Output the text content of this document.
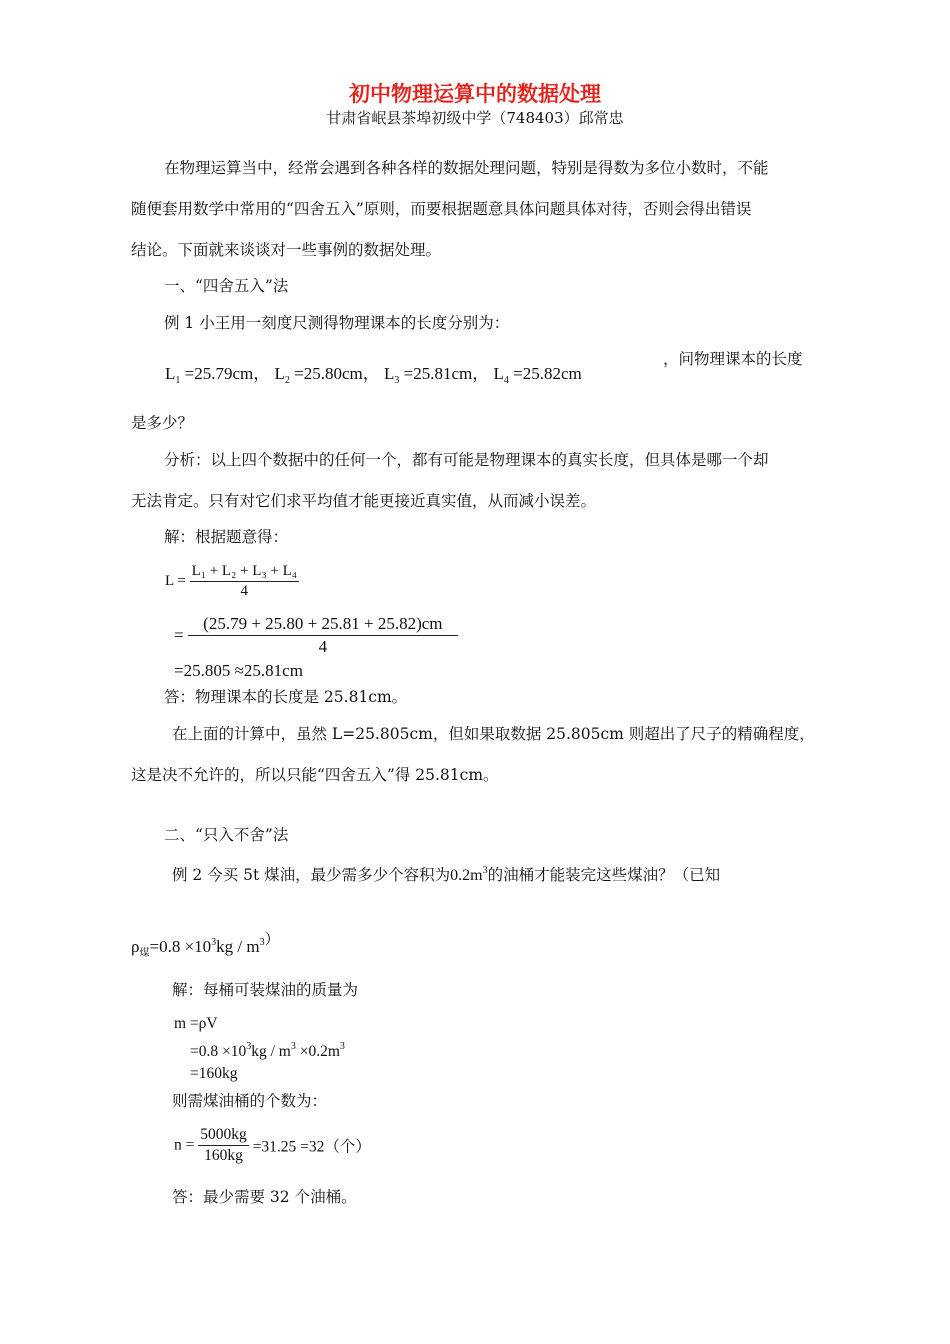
初中物理运算中的数据处理
甘肃省岷县茶埠初级中学（748403）邱常忠
在物理运算当中，经常会遇到各种各样的数据处理问题，特别是得数为多位小数时，不能
随便套用数学中常用的“四舍五入”原则，而要根据题意具体问题具体对待，否则会得出错误
结论。下面就来谈谈对一些事例的数据处理。
一、“四舍五入”法
例 1 小王用一刻度尺测得物理课本的长度分别为：
$L_1 =25.79cm$， $L_2 =25.80cm$， $L_3 =25.81cm$， $L_4 =25.82cm$
，问物理课本的长度
是多少？
分析：以上四个数据中的任何一个，都有可能是物理课本的真实长度，但具体是哪一个却
无法肯定。只有对它们求平均值才能更接近真实值，从而减小误差。
解：根据题意得：
$L = \frac{\text{L₁ + L₂ + L₃ + L₄}}{4}$
= $\frac{(25.79 + 25.80 + 25.81 + 25.82)cm}{4}$
=25.805 ≈25.81cm
答：物理课本的长度是 25.81cm。
在上面的计算中，虽然 L=25.805cm，但如果取数据 25.805cm 则超出了尺子的精确程度，
这是决不允许的，所以只能“四舍五入”得 25.81cm。
二、“只入不舍”法
例 2 今买 5t 煤油，最少需多少个容积为$0.2m^3$的油桶才能装完这些煤油？（已知
$\rho_煤=0.8 \times 10^3kg / m^{3)}$
解：每桶可装煤油的质量为
m =ρV
$=0.8 \times 10^3kg / m^3 \times 0.2m^3$
=160kg
则需煤油桶的个数为：
$n = \frac{5000kg}{160kg} =31.25 =32$（个）
答：最少需要 32 个油桶。
